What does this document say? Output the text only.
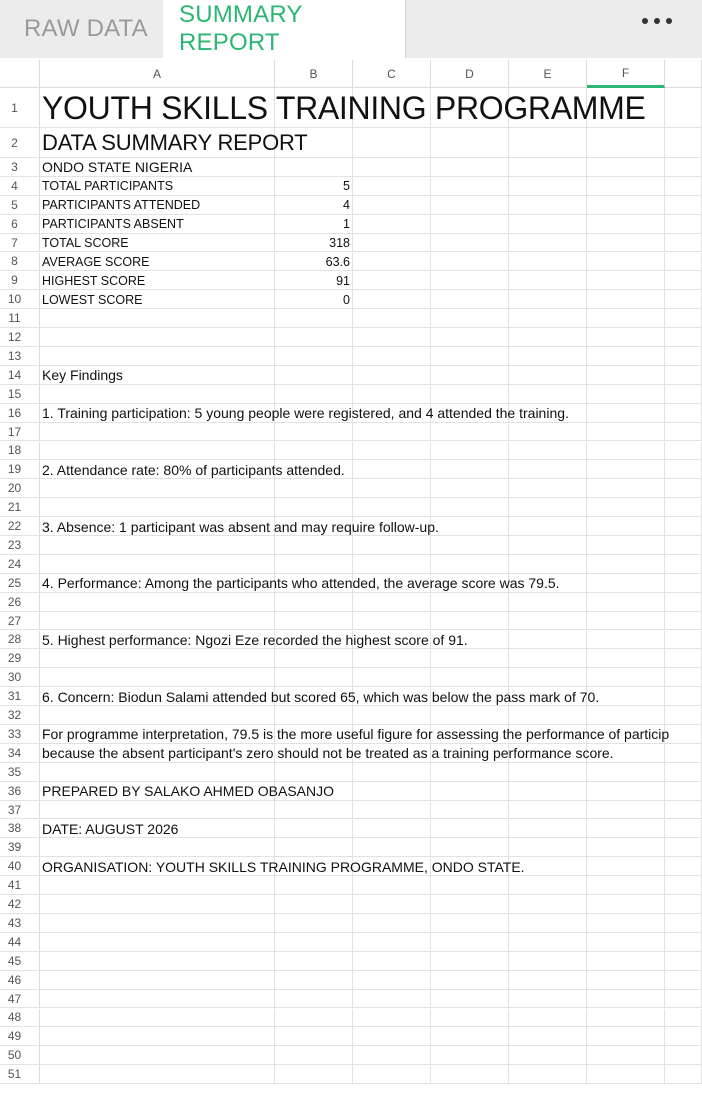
RAW DATA
SUMMARY REPORT
A	B	C	D	E	F
1 YOUTH SKILLS TRAINING PROGRAMME
2	DATA SUMMARY REPORT
3	ONDO STATE NIGERIA
4	TOTAL PARTICIPANTS	5
5	PARTICIPANTS ATTENDED	4
6	PARTICIPANTS ABSENT	1
7	TOTAL SCORE	318
8	AVERAGE SCORE	63.6
9	HIGHEST SCORE	91
10	LOWEST SCORE	0
11
12
13
14	Key Findings
15
16	1. Training participation: 5 young people were registered, and 4 attended the training.
17
18
19	2. Attendance rate: 80% of participants attended.
20
21
22	3. Absence: 1 participant was absent and may require follow-up.
23
24
25	4. Performance: Among the participants who attended, the average score was 79.5.
26
27
28	5. Highest performance: Ngozi Eze recorded the highest score of 91.
29
30
31	6. Concern: Biodun Salami attended but scored 65, which was below the pass mark of 70.
32
33	For programme interpretation, 79.5 is the more useful figure for assessing the performance of particip
34	because the absent participant's zero should not be treated as a training performance score.
35
36	PREPARED BY SALAKO AHMED OBASANJO
37
38	DATE: AUGUST 2026
39
40	ORGANISATION: YOUTH SKILLS TRAINING PROGRAMME, ONDO STATE.
41
42
43
44
45
46
47
48
49
50
51
